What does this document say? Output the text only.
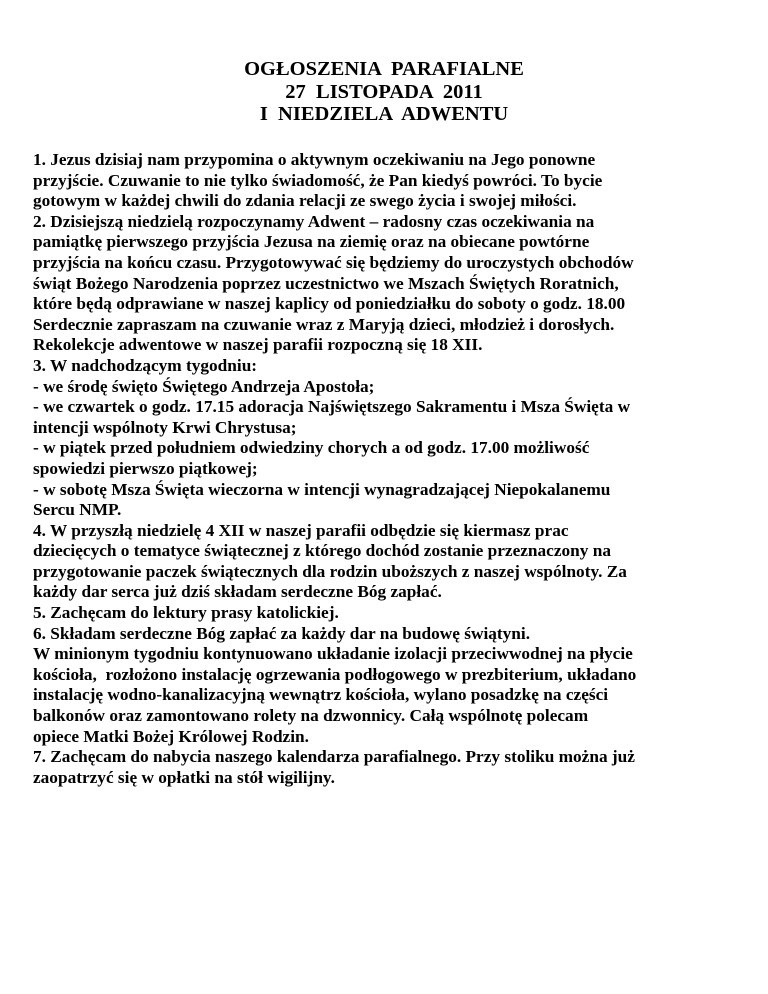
OGŁOSZENIA  PARAFIALNE
27  LISTOPADA  2011
I  NIEDZIELA  ADWENTU
1. Jezus dzisiaj nam przypomina o aktywnym oczekiwaniu na Jego ponowne
przyjście. Czuwanie to nie tylko świadomość, że Pan kiedyś powróci. To bycie
gotowym w każdej chwili do zdania relacji ze swego życia i swojej miłości.
2. Dzisiejszą niedzielą rozpoczynamy Adwent – radosny czas oczekiwania na
pamiątkę pierwszego przyjścia Jezusa na ziemię oraz na obiecane powtórne
przyjścia na końcu czasu. Przygotowywać się będziemy do uroczystych obchodów
świąt Bożego Narodzenia poprzez uczestnictwo we Mszach Świętych Roratnich,
które będą odprawiane w naszej kaplicy od poniedziałku do soboty o godz. 18.00
Serdecznie zapraszam na czuwanie wraz z Maryją dzieci, młodzież i dorosłych.
Rekolekcje adwentowe w naszej parafii rozpoczną się 18 XII.
3. W nadchodzącym tygodniu:
- we środę święto Świętego Andrzeja Apostoła;
- we czwartek o godz. 17.15 adoracja Najświętszego Sakramentu i Msza Święta w
intencji wspólnoty Krwi Chrystusa;
- w piątek przed południem odwiedziny chorych a od godz. 17.00 możliwość
spowiedzi pierwszo piątkowej;
- w sobotę Msza Święta wieczorna w intencji wynagradzającej Niepokalanemu
Sercu NMP.
4. W przyszłą niedzielę 4 XII w naszej parafii odbędzie się kiermasz prac
dziecięcych o tematyce świątecznej z którego dochód zostanie przeznaczony na
przygotowanie paczek świątecznych dla rodzin uboższych z naszej wspólnoty. Za
każdy dar serca już dziś składam serdeczne Bóg zapłać.
5. Zachęcam do lektury prasy katolickiej.
6. Składam serdeczne Bóg zapłać za każdy dar na budowę świątyni.
W minionym tygodniu kontynuowano układanie izolacji przeciwwodnej na płycie
kościoła,  rozłożono instalację ogrzewania podłogowego w prezbiterium, układano
instalację wodno-kanalizacyjną wewnątrz kościoła, wylano posadzkę na części
balkonów oraz zamontowano rolety na dzwonnicy. Całą wspólnotę polecam
opiece Matki Bożej Królowej Rodzin.
7. Zachęcam do nabycia naszego kalendarza parafialnego. Przy stoliku można już
zaopatrzyć się w opłatki na stół wigilijny.
